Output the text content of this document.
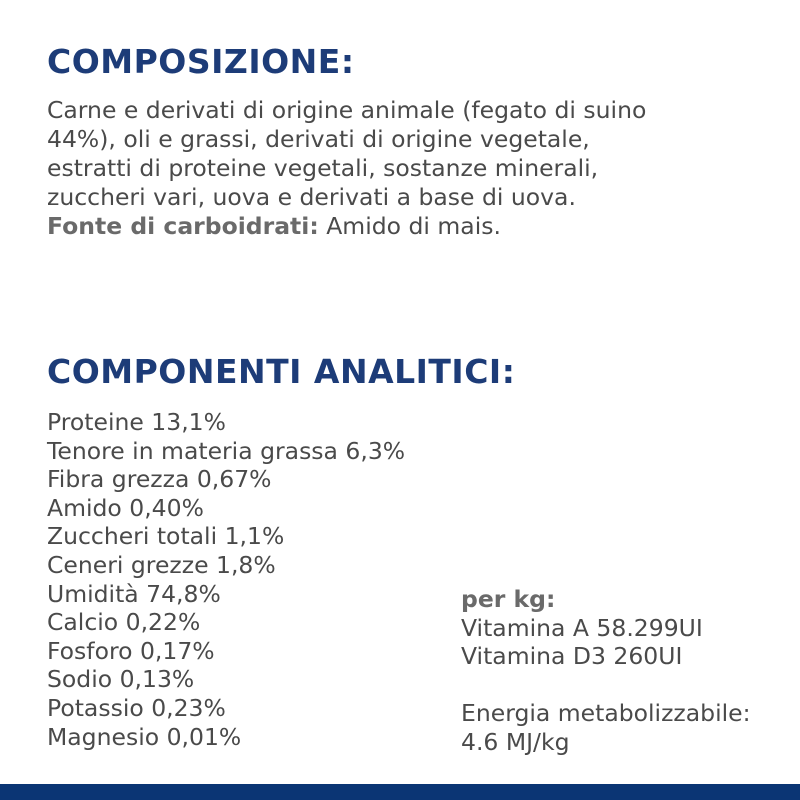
COMPOSIZIONE:
Carne e derivati di origine animale (fegato di suino
44%), oli e grassi, derivati di origine vegetale,
estratti di proteine vegetali, sostanze minerali,
zuccheri vari, uova e derivati a base di uova.
Fonte di carboidrati: Amido di mais.
COMPONENTI ANALITICI:
Proteine 13,1%
Tenore in materia grassa 6,3%
Fibra grezza 0,67%
Amido 0,40%
Zuccheri totali 1,1%
Ceneri grezze 1,8%
Umidità 74,8%
Calcio 0,22%
Fosforo 0,17%
Sodio 0,13%
Potassio 0,23%
Magnesio 0,01%
per kg:
Vitamina A 58.299UI
Vitamina D3 260UI

Energia metabolizzabile:
4.6 MJ/kg
